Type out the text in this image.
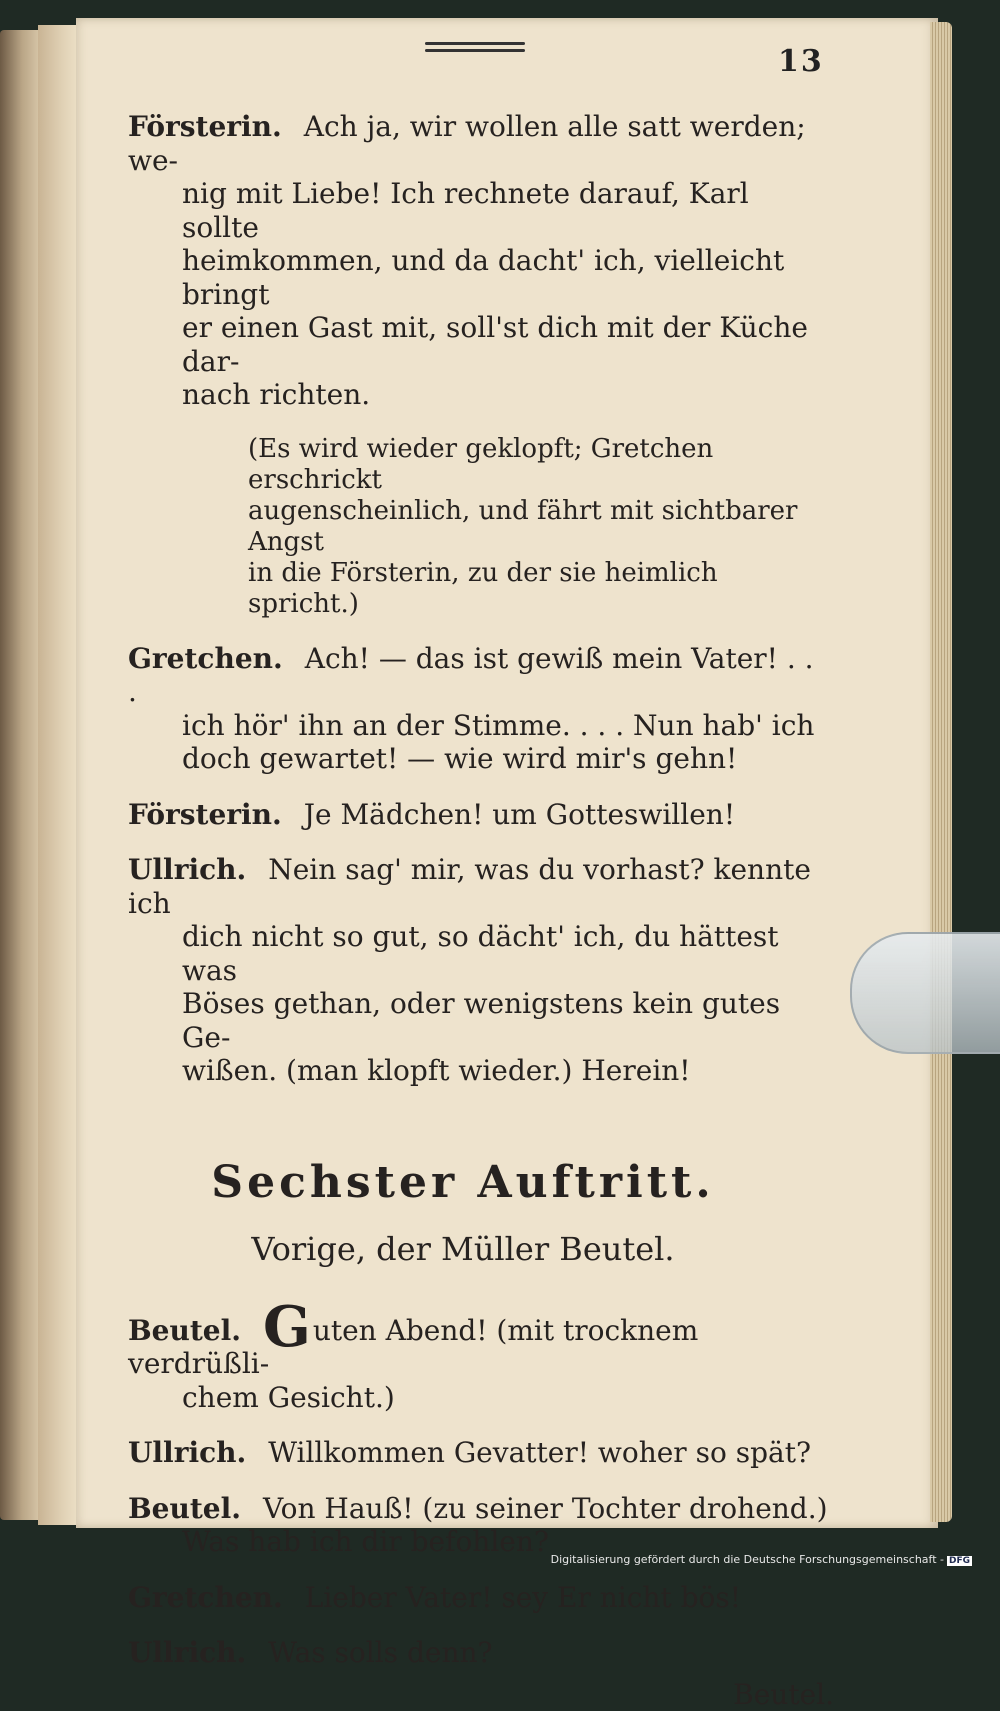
13
Försterin. Ach ja, wir wollen alle satt werden; we-
nig mit Liebe! Ich rechnete darauf, Karl sollte
heimkommen, und da dacht' ich, vielleicht bringt
er einen Gast mit, soll'st dich mit der Küche dar-
nach richten.
(Es wird wieder geklopft; Gretchen erschrickt
augenscheinlich, und fährt mit sichtbarer Angst
in die Försterin, zu der sie heimlich spricht.)
Gretchen. Ach! — das ist gewiß mein Vater! . . .
ich hör' ihn an der Stimme. . . . Nun hab' ich
doch gewartet! — wie wird mir's gehn!
Försterin. Je Mädchen! um Gotteswillen!
Ullrich. Nein sag' mir, was du vorhast? kennte ich
dich nicht so gut, so dächt' ich, du hättest was
Böses gethan, oder wenigstens kein gutes Ge-
wißen. (man klopft wieder.) Herein!
Sechster Auftritt.
Vorige, der Müller Beutel.
Beutel. Guten Abend! (mit trocknem verdrüßli-
chem Gesicht.)
Ullrich. Willkommen Gevatter! woher so spät?
Beutel. Von Hauß! (zu seiner Tochter drohend.)
Was hab ich dir befohlen?
Gretchen. Lieber Vater! sey Er nicht bös!
Ullrich. Was solls denn?
Beutel.
Digitalisierung gefördert durch die Deutsche Forschungsgemeinschaft - DFG
